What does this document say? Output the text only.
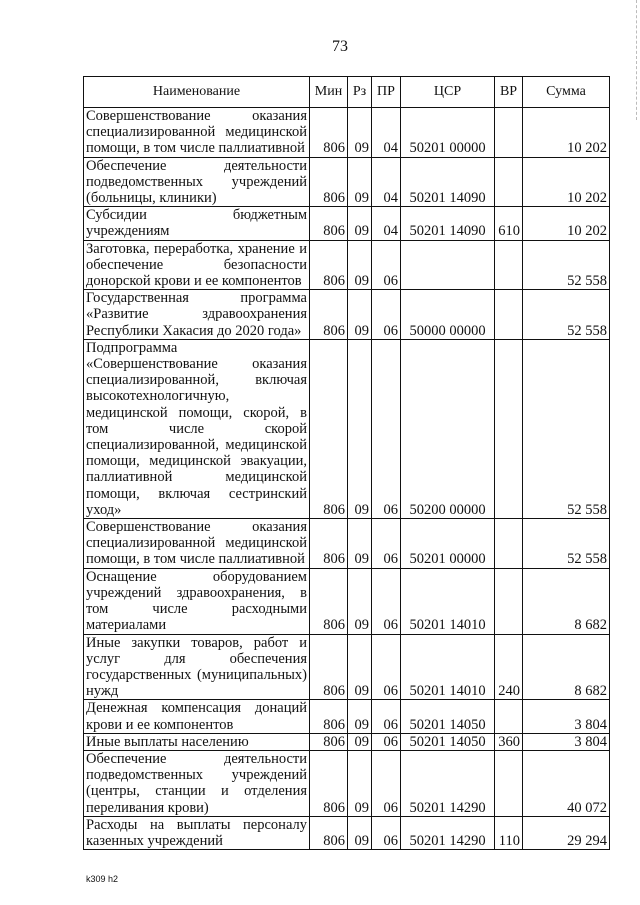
73
Наименование	Мин	Рз	ПР	ЦСР	ВР	Сумма
Совершенствование оказания специализированной медицинской помощи, в том числе паллиативной	806	09	04	50201 00000		10 202
Обеспечение деятельности подведомственных учреждений (больницы, клиники)	806	09	04	50201 14090		10 202
Субсидии бюджетным учреждениям	806	09	04	50201 14090	610	10 202
Заготовка, переработка, хранение и обеспечение безопасности донорской крови и ее компонентов	806	09	06			52 558
Государственная программа «Развитие здравоохранения Республики Хакасия до 2020 года»	806	09	06	50000 00000		52 558
Подпрограмма «Совершенствование оказания специализированной, включая высокотехнологичную, медицинской помощи, скорой, в том числе скорой специализированной, медицинской помощи, медицинской эвакуации, паллиативной медицинской помощи, включая сестринский уход»	806	09	06	50200 00000		52 558
Совершенствование оказания специализированной медицинской помощи, в том числе паллиативной	806	09	06	50201 00000		52 558
Оснащение оборудованием учреждений здравоохранения, в том числе расходными материалами	806	09	06	50201 14010		8 682
Иные закупки товаров, работ и услуг для обеспечения государственных (муниципальных) нужд	806	09	06	50201 14010	240	8 682
Денежная компенсация донаций крови и ее компонентов	806	09	06	50201 14050		3 804
Иные выплаты населению	806	09	06	50201 14050	360	3 804
Обеспечение деятельности подведомственных учреждений (центры, станции и отделения переливания крови)	806	09	06	50201 14290		40 072
Расходы на выплаты персоналу казенных учреждений	806	09	06	50201 14290	110	29 294
k309 h2
